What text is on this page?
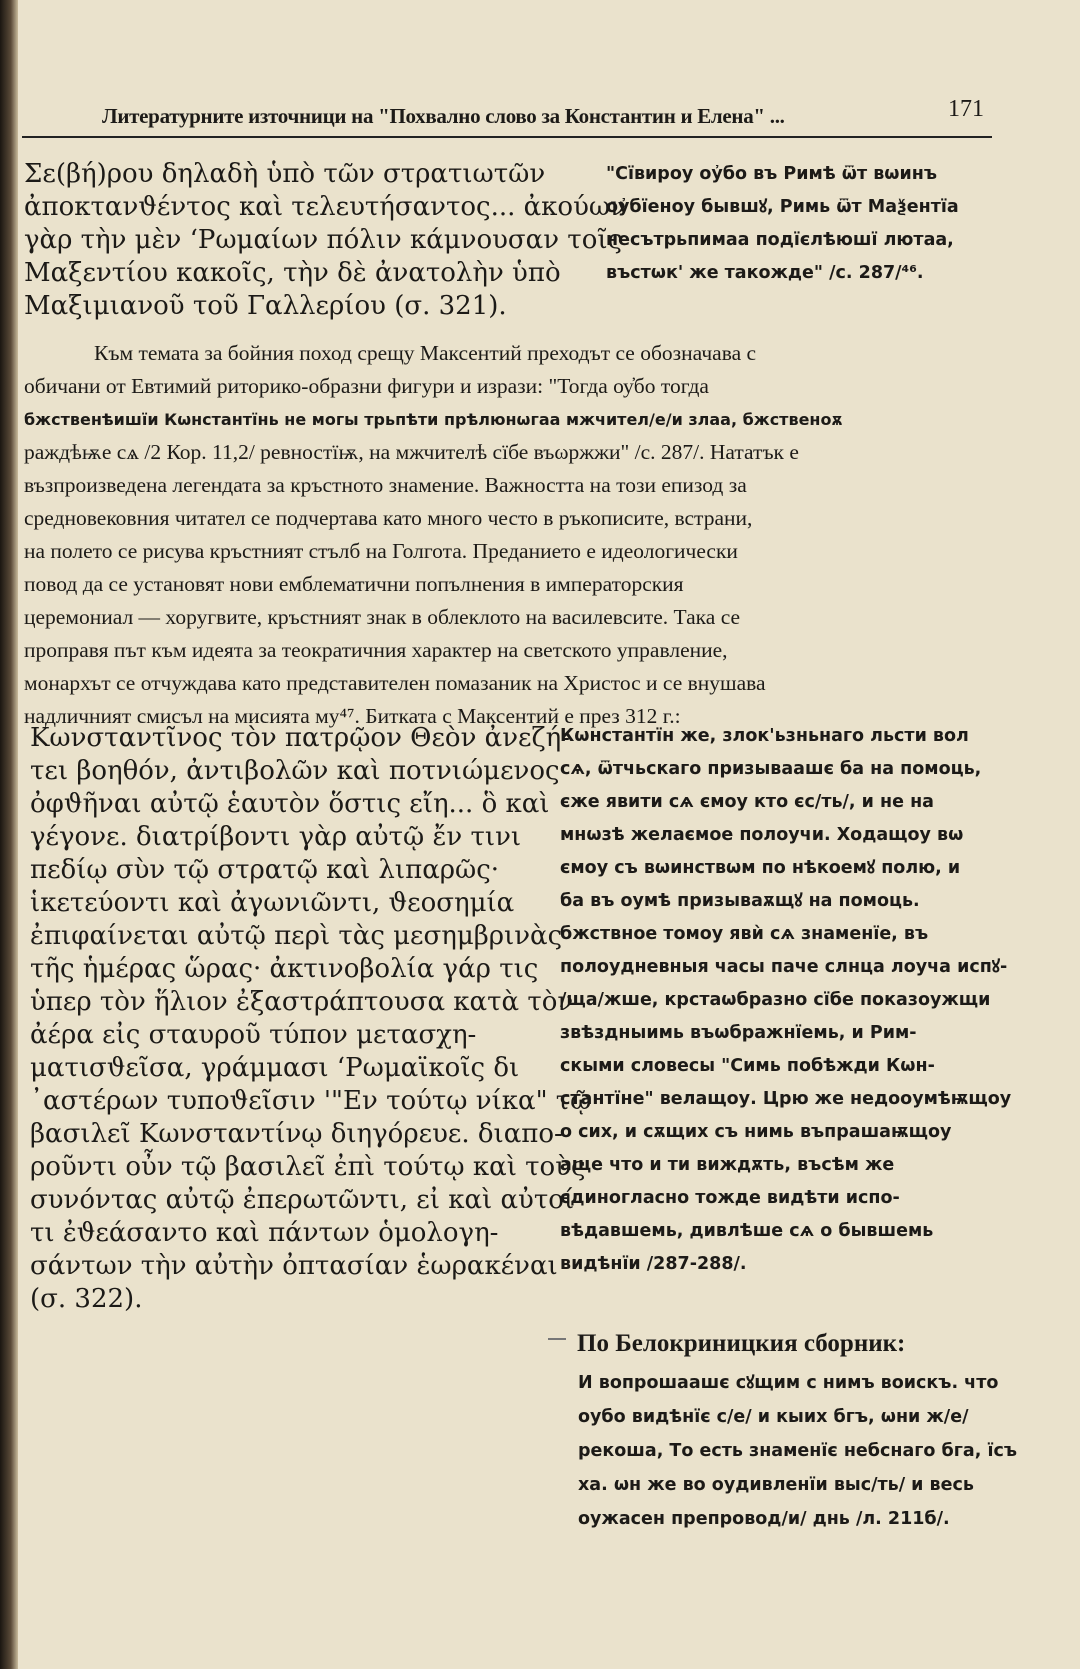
Литературните източници на "Похвално слово за Константин и Елена" ...	171

Σε(βή)ρου δηλαδὴ ὑπὸ τῶν στρατιωτῶν

ἀποκτανϑέντος καὶ τελευτήσαντος... ἀκούων

γὰρ τὴν μὲν ‘Ρωμαίων πόλιν κάμνουσαν τοῖς

Μαξεντίου κακοῖς, τὴν δὲ ἀνατολὴν ὑπὸ

Μαξιμιανοῦ τοῦ Γαλλερίου (σ. 321).

"Сївироу оу҆бо въ Римѣ ѿт вωинъ

оу҆бїеноу бывшꙋ, Римь ѿт Маѯентїа

несътрьпимаа подїєлѣюшї лютаа,

въстωк' же такожде" /с. 287/⁴⁶.

Към темата за бойния поход срещу Максентий преходът се обозначава с

обичани от Евтимий риторико-образни фигури и изрази: "Тогда оу҆бо тогда

бжственѣишїи Кωнстантїнь не могы трьпѣти прѣлюнωгаа мжчител/е/и злаа, бжственоѫ

раждѣѭе сѧ /2 Кор. 11,2/ ревностїѭ, на мжчителѣ сїбе въωржжи" /с. 287/. Нататък е

възпроизведена легендата за кръстното знамение. Важността на този епизод за

средновековния читател се подчертава като много често в ръкописите, встрани,

на полето се рисува кръстният стълб на Голгота. Преданието е идеологически

повод да се установят нови емблематични попълнения в императорския

церемониал — хоругвите, кръстният знак в облеклото на василевсите. Така се

проправя път към идеята за теократичния характер на светското управление,

монархът се отчуждава като представителен помазаник на Христос и се внушава

надличният смисъл на мисията му⁴⁷. Битката с Максентий е през 312 г.:

Κωνσταντῖνος τὸν πατρῷον Θεὸν ἀνεζή-

τει βοηθόν, ἀντιβολῶν καὶ ποτνιώμενος

ὀφϑῆναι αὐτῷ ἑαυτὸν ὅστις εἴη... ὃ καὶ

γέγονε. διατρίβοντι γὰρ αὐτῷ ἔν τινι

πεδίῳ σὺν τῷ στρατῷ καὶ λιπαρῶς·

ἱκετεύοντι καὶ ἀγωνιῶντι, ϑεοσημία

ἐπιφαίνεται αὐτῷ περὶ τὰς μεσημβρινὰς

τῆς ἡμέρας ὥρας· ἀκτινοβολία γάρ τις

ὑπερ τὸν ἥλιον ἐξαστράπτουσα κατὰ τὸν

ἀέρα εἰς σταυροῦ τύπον μετασχη-

ματισϑεῖσα, γράμμασι ‘Ρωμαϊκοῖς δι

᾿αστέρων τυποϑεῖσιν '"Εν τούτῳ νίκα" τῷ

βασιλεῖ Κωνσταντίνῳ διηγόρευε. διαπο-

ροῦντι οὖν τῷ βασιλεῖ ἐπὶ τούτῳ καὶ τοὺς

συνόντας αὐτῷ ἐπερωτῶντι, εἰ καὶ αὐτοί

τι ἐϑεάσαντο καὶ πάντων ὁμολογη-

σάντων τὴν αὐτὴν ὀπτασίαν ἑωρακέναι

(σ. 322).

Кωнстантїн же, злок'ьзньнаго льсти вол

сѧ, ѿтчьскаго призываашє ба на помоць,

єже явити сѧ ємоу кто єс/ть/, и не на

мнωзѣ желаємое полоучи. Ходащоу вω

ємоу съ вωинствωм по нѣкоемꙋ полю, и

ба въ оумѣ призываѫщꙋ на помоць.

бжствное томоу явѝ сѧ знаменїе, въ

полоудневныя часы паче слнца лоуча испꙋ-

/ща/жше, крстаωбразно сїбе показоужщи

звѣздныимь въωбражнїемь, и Рим-

скыми словесы "Симь побѣжди Кωн-

стантїне" велащоу. Црю же недооумѣѭщоу

о сих, и сѫщих съ нимь въпрашаѭщоу

аще что и ти виждѫть, въсѣм же

єдиногласно тожде видѣти испо-

вѣдавшемь, дивлѣше сѧ о бывшемь

видѣнїи /287-288/.

По Белокриницкия сборник:

И вопрошаашє сꙋщим с нимъ воискъ. что

оубо видѣнїє с/е/ и кыих бгъ, ωни ж/е/

рекоша, То есть знаменїє небснаго бга, їсъ

ха. ωн же во оудивленїи выс/ть/ и весь

оужасен препровод/и/ днь /л. 211б/.
